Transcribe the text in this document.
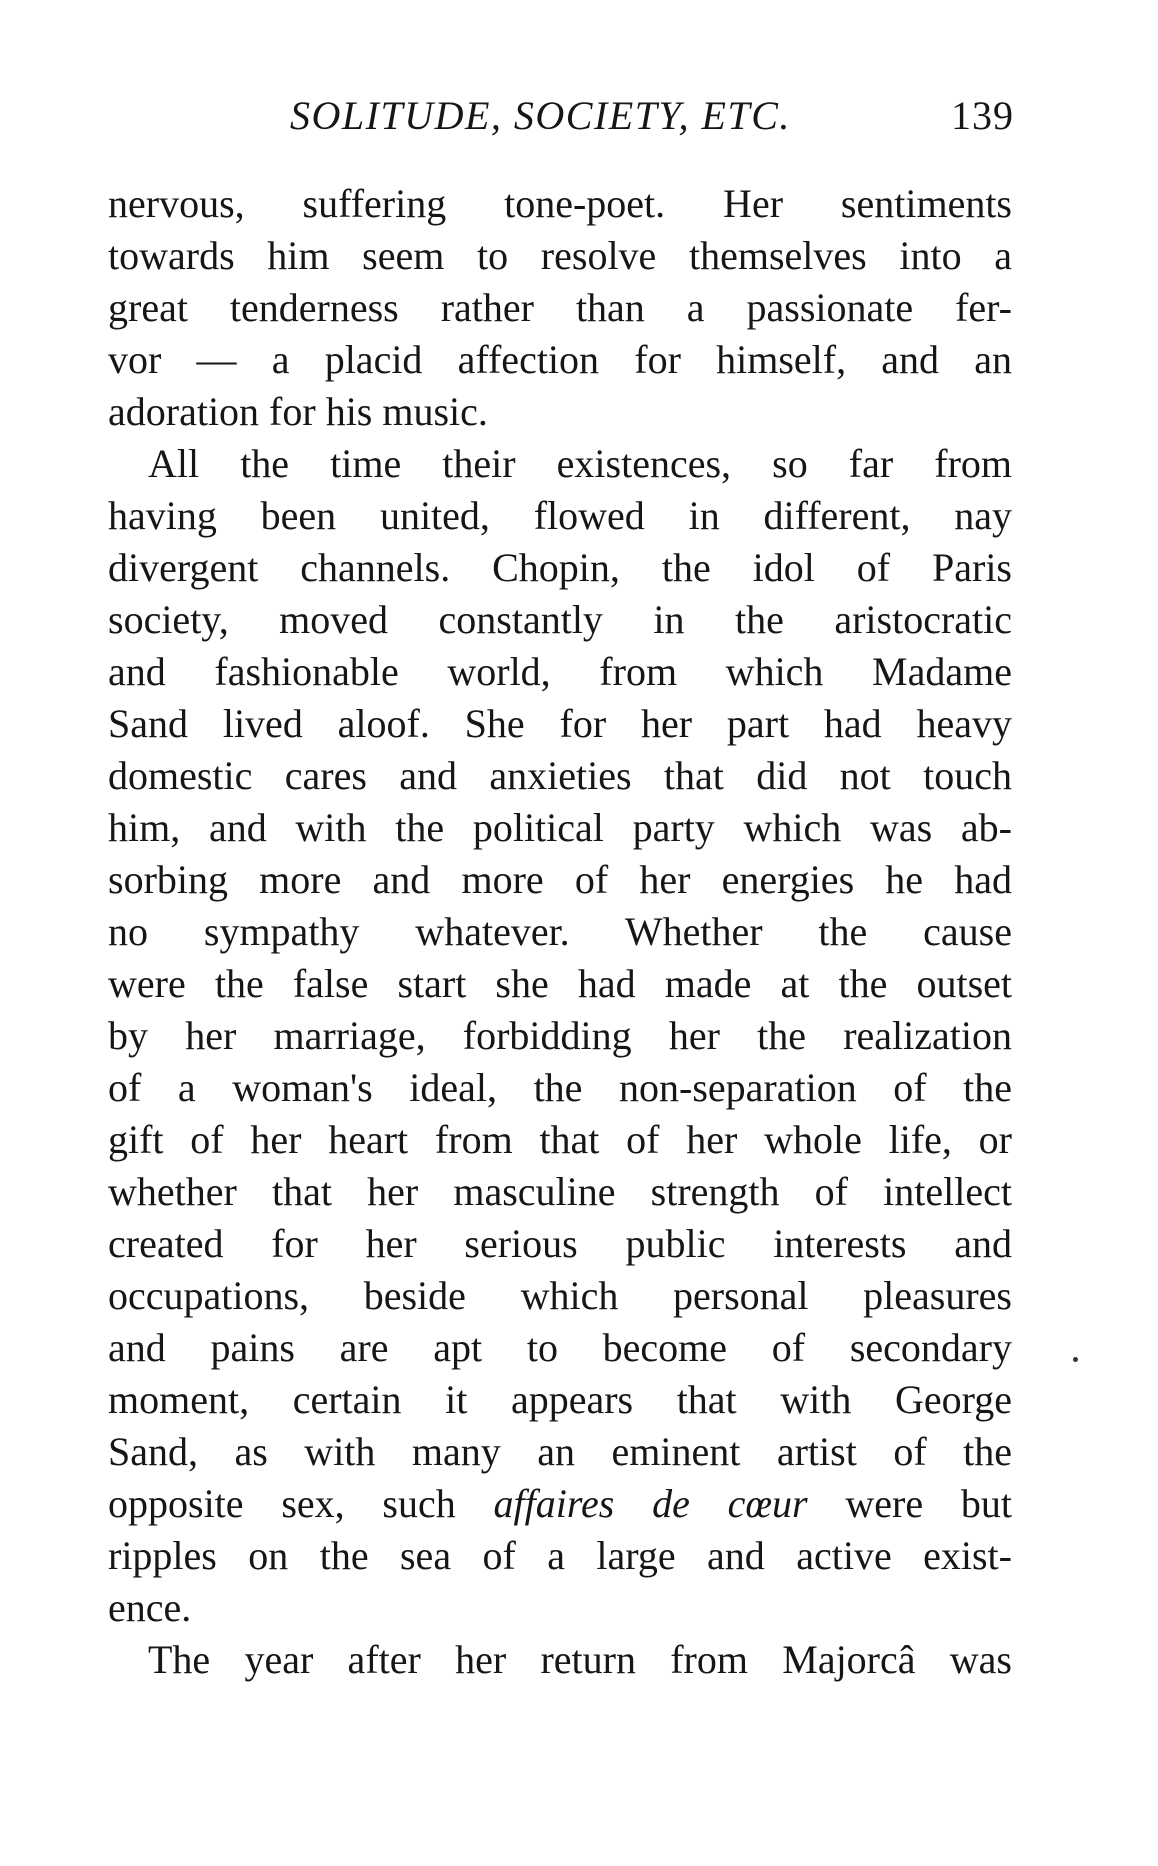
SOLITUDE, SOCIETY, ETC.	139
nervous, suffering tone-poet. Her sentiments
towards him seem to resolve themselves into a
great tenderness rather than a passionate fer-
vor — a placid affection for himself, and an
adoration for his music.
All the time their existences, so far from
having been united, flowed in different, nay
divergent channels. Chopin, the idol of Paris
society, moved constantly in the aristocratic
and fashionable world, from which Madame
Sand lived aloof. She for her part had heavy
domestic cares and anxieties that did not touch
him, and with the political party which was ab-
sorbing more and more of her energies he had
no sympathy whatever. Whether the cause
were the false start she had made at the outset
by her marriage, forbidding her the realization
of a woman's ideal, the non-separation of the
gift of her heart from that of her whole life, or
whether that her masculine strength of intellect
created for her serious public interests and
occupations, beside which personal pleasures
and pains are apt to become of secondary
moment, certain it appears that with George
Sand, as with many an eminent artist of the
opposite sex, such affaires de cœur were but
ripples on the sea of a large and active exist-
ence.
The year after her return from Majorcâ was
